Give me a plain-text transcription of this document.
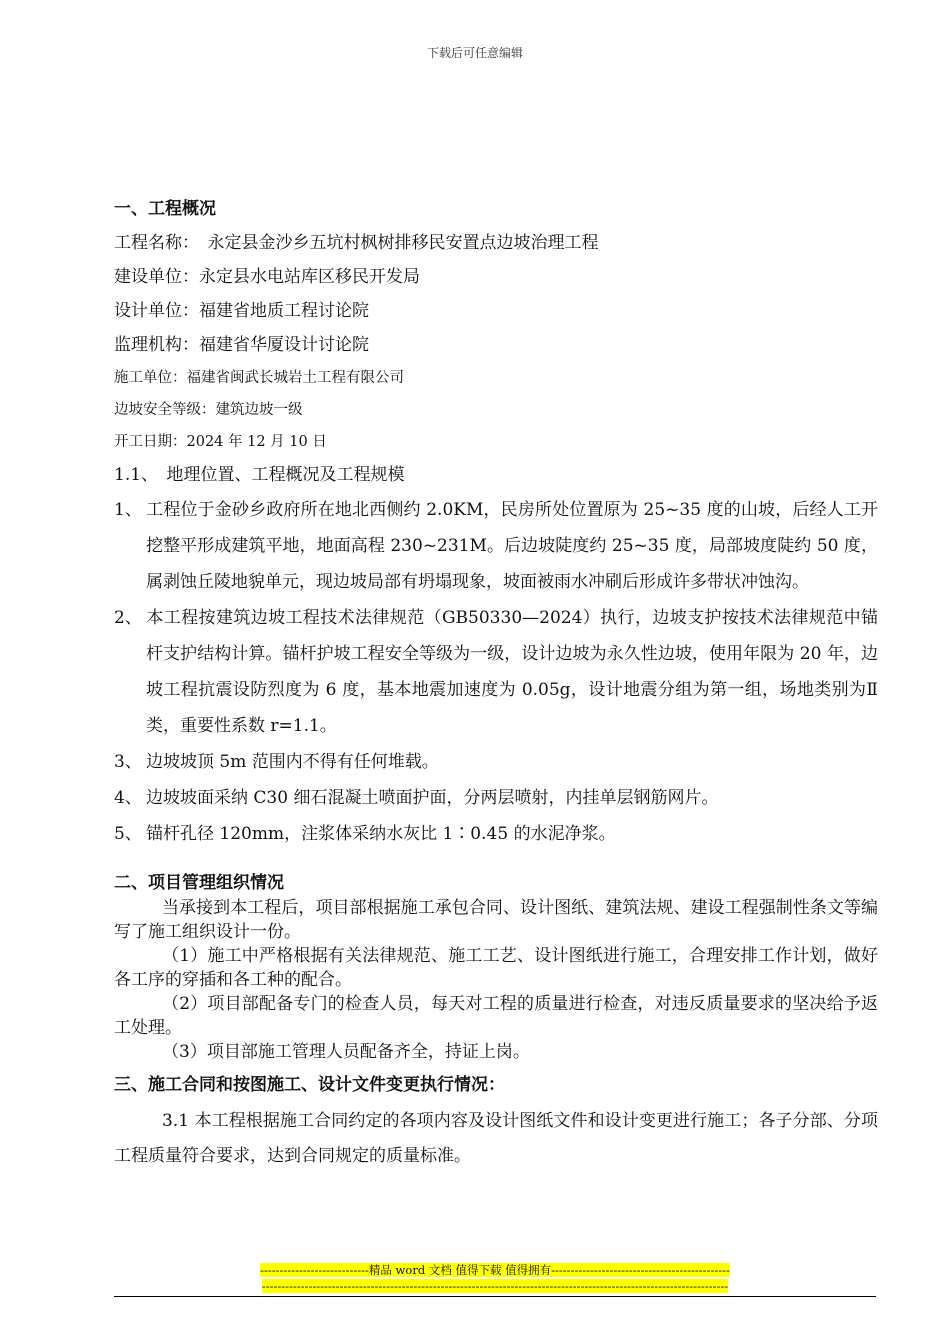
下载后可任意编辑

一、工程概况

工程名称：　永定县金沙乡五坑村枫树排移民安置点边坡治理工程

建设单位：永定县水电站库区移民开发局

设计单位：福建省地质工程讨论院

监理机构：福建省华厦设计讨论院

施工单位：福建省闽武长城岩土工程有限公司

边坡安全等级：建筑边坡一级

开工日期：2024 年 12 月 10 日

1.1、　地理位置、工程概况及工程规模

1、 工程位于金砂乡政府所在地北西侧约 2.0KM，民房所处位置原为 25~35 度的山坡，后经人工开挖整平形成建筑平地，地面高程 230~231M。后边坡陡度约 25~35 度，局部坡度陡约 50 度，属剥蚀丘陵地貌单元，现边坡局部有坍塌现象，坡面被雨水冲刷后形成许多带状冲蚀沟。

2、 本工程按建筑边坡工程技术法律规范（GB50330—2024）执行，边坡支护按技术法律规范中锚杆支护结构计算。锚杆护坡工程安全等级为一级，设计边坡为永久性边坡，使用年限为 20 年，边坡工程抗震设防烈度为 6 度，基本地震加速度为 0.05g，设计地震分组为第一组，场地类别为Ⅱ类，重要性系数 r=1.1。

3、 边坡坡顶 5m 范围内不得有任何堆载。

4、 边坡坡面采纳 C30 细石混凝土喷面护面，分两层喷射，内挂单层钢筋网片。

5、 锚杆孔径 120mm，注浆体采纳水灰比 1∶0.45 的水泥净浆。

二、项目管理组织情况

当承接到本工程后，项目部根据施工承包合同、设计图纸、建筑法规、建设工程强制性条文等编写了施工组织设计一份。

（1）施工中严格根据有关法律规范、施工工艺、设计图纸进行施工，合理安排工作计划，做好各工序的穿插和各工种的配合。

（2）项目部配备专门的检查人员，每天对工程的质量进行检查，对违反质量要求的坚决给予返工处理。

（3）项目部施工管理人员配备齐全，持证上岗。

三、施工合同和按图施工、设计文件变更执行情况：

3.1 本工程根据施工合同约定的各项内容及设计图纸文件和设计变更进行施工；各子分部、分项工程质量符合要求，达到合同规定的质量标准。

----------------------------精品 word 文档 值得下载 值得拥有----------------------------------------------
------------------------------------------------------------------------------------------------------------------------
